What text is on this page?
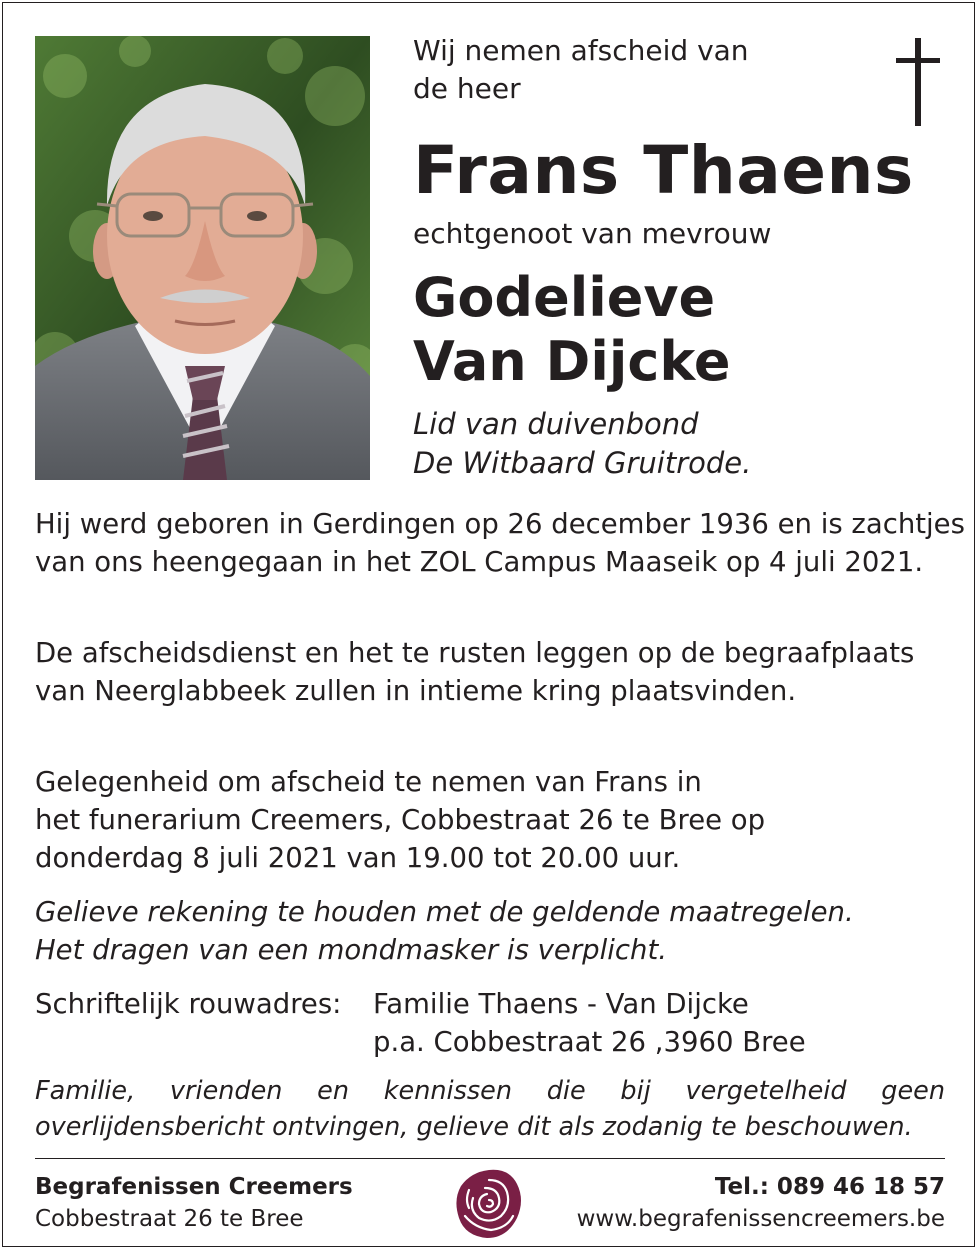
Wij nemen afscheid van
de heer
Frans Thaens

echtgenoot van mevrouw

Godelieve
Van Dijcke
Lid van duivenbond
De Witbaard Gruitrode.

Hij werd geboren in Gerdingen op 26 december 1936 en is zachtjes van ons heengegaan in het ZOL Campus Maaseik op 4 juli 2021.

De afscheidsdienst en het te rusten leggen op de begraafplaats van Neerglabbeek zullen in intieme kring plaatsvinden.

Gelegenheid om afscheid te nemen van Frans in
het funerarium Creemers, Cobbestraat 26 te Bree op
donderdag 8 juli 2021 van 19.00 tot 20.00 uur.
Gelieve rekening te houden met de geldende maatregelen.
Het dragen van een mondmasker is verplicht.

Schriftelijk rouwadres: Familie Thaens - Van Dijcke
p.a. Cobbestraat 26 ,3960 Bree

Familie, vrienden en kennissen die bij vergetelheid geen overlijdensbericht ontvingen, gelieve dit als zodanig te beschouwen.

Begrafenissen Creemers
Cobbestraat 26 te Bree
Tel.: 089 46 18 57
www.begrafenissencreemers.be
